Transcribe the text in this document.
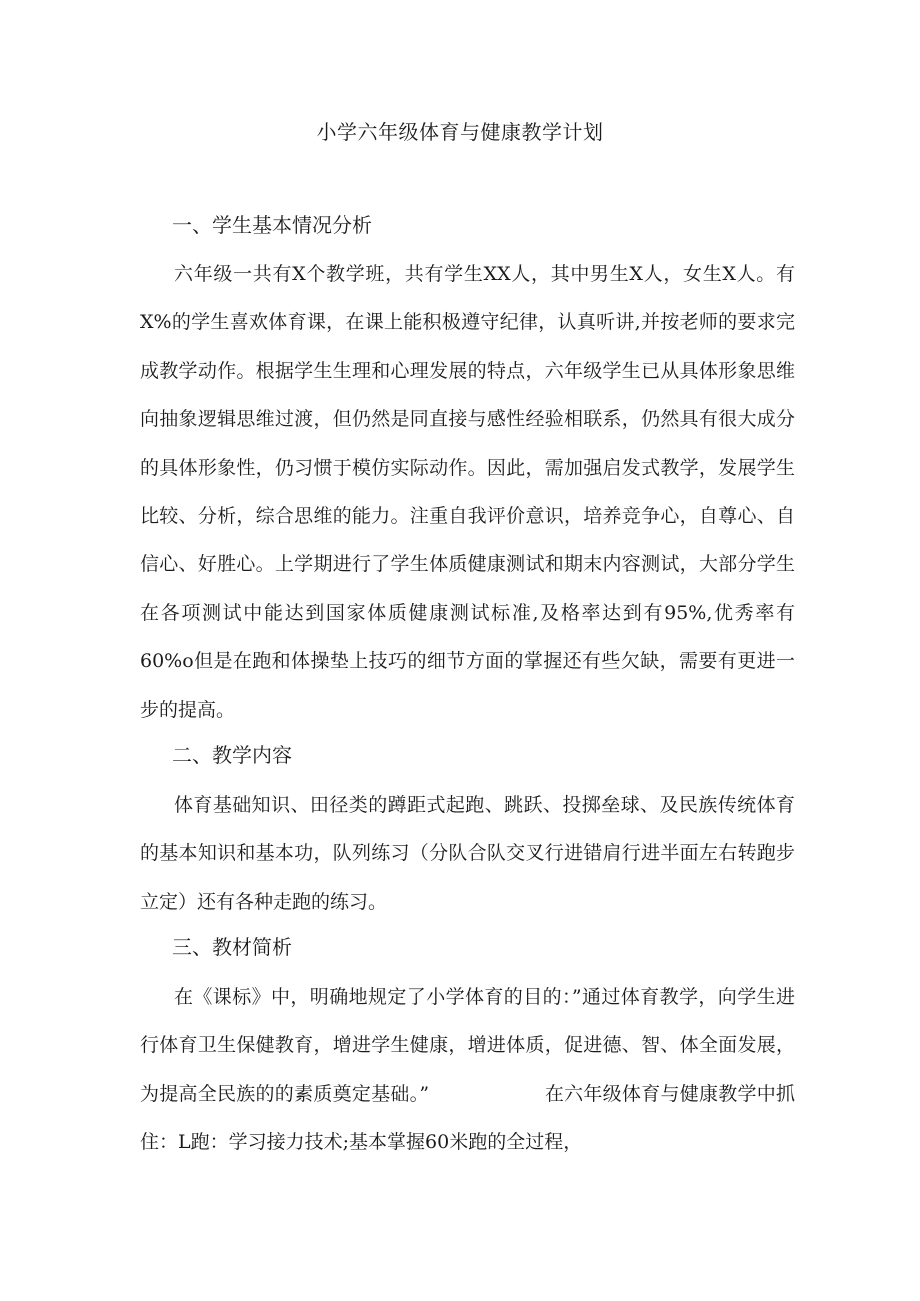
小学六年级体育与健康教学计划
一、学生基本情况分析

六年级一共有X个教学班，共有学生XX人，其中男生X人，女生X人。有X%的学生喜欢体育课，在课上能积极遵守纪律，认真听讲,并按老师的要求完成教学动作。根据学生生理和心理发展的特点，六年级学生已从具体形象思维向抽象逻辑思维过渡，但仍然是同直接与感性经验相联系，仍然具有很大成分的具体形象性，仍习惯于模仿实际动作。因此，需加强启发式教学，发展学生比较、分析，综合思维的能力。注重自我评价意识，培养竞争心，自尊心、自信心、好胜心。上学期进行了学生体质健康测试和期末内容测试，大部分学生在各项测试中能达到国家体质健康测试标准,及格率达到有95%,优秀率有60%o但是在跑和体操垫上技巧的细节方面的掌握还有些欠缺，需要有更进一步的提高。

二、教学内容

体育基础知识、田径类的蹲距式起跑、跳跃、投掷垒球、及民族传统体育的基本知识和基本功，队列练习（分队合队交叉行进错肩行进半面左右转跑步立定）还有各种走跑的练习。

三、教材简析

在《课标》中，明确地规定了小学体育的目的：”通过体育教学，向学生进行体育卫生保健教育，增进学生健康，增进体质，促进德、智、体全面发展，为提高全民族的的素质奠定基础。”　　　　　　在六年级体育与健康教学中抓住：L跑：学习接力技术;基本掌握60米跑的全过程，
